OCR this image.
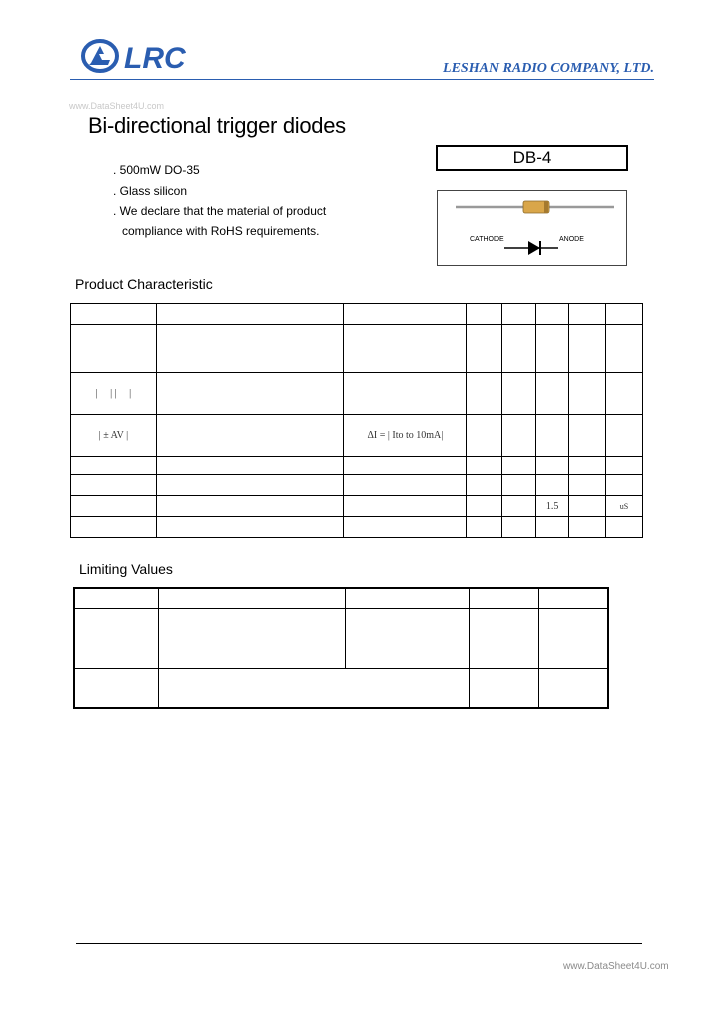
LRC	LESHAN RADIO COMPANY, LTD.
www.DataSheet4U.com
Bi-directional trigger diodes
. 500mW DO-35
. Glass silicon
. We declare that the material of product
compliance with RoHS requirements.
DB-4
CATHODE	ANODE
Product Characteristic

|     | |     |							
| ± AV |		ΔI = | Ito to 10mA|					

					1.5		uS

Limiting Values

www.DataSheet4U.com
